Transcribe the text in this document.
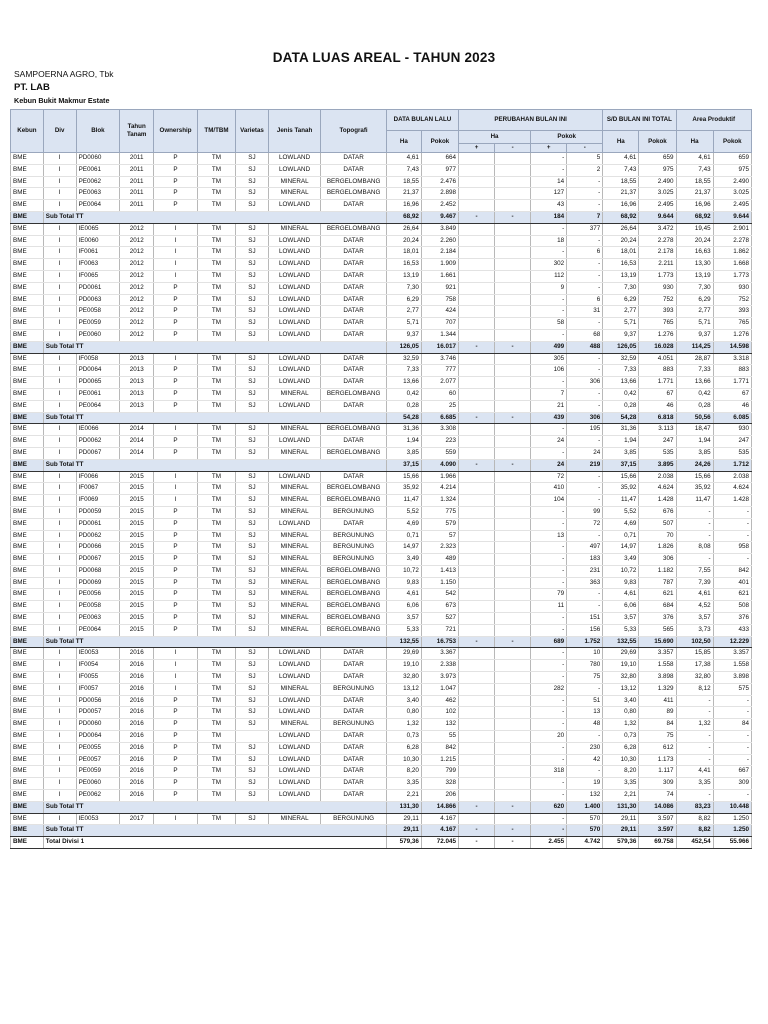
DATA LUAS AREAL - TAHUN 2023
SAMPOERNA AGRO, Tbk
PT. LAB
Kebun Bukit Makmur Estate
Kebun	Div	Blok	Tahun Tanam	Ownership	TM/TBM	Varietas	Jenis Tanah	Topografi	DATA BULAN LALU		PERUBAHAN BULAN INI				S/D BULAN INI TOTAL		Area Produktif	
									Ha	Pokok	Ha		Pokok		Ha	Pokok	Ha	Pokok
											+	-	+	-				
BME	I	PD0060	2011	P	TM	SJ	LOWLAND	DATAR	4,61	664			-	5	4,61	659	4,61	659
BME	I	PE0061	2011	P	TM	SJ	LOWLAND	DATAR	7,43	977			-	2	7,43	975	7,43	975
BME	I	PE0062	2011	P	TM	SJ	MINERAL	BERGELOMBANG	18,55	2.476			14	-	18,55	2.490	18,55	2.490
BME	I	PE0063	2011	P	TM	SJ	MINERAL	BERGELOMBANG	21,37	2.898			127	-	21,37	3.025	21,37	3.025
BME	I	PE0064	2011	P	TM	SJ	LOWLAND	DATAR	16,96	2.452			43	-	16,96	2.495	16,96	2.495
BME	Sub Total TT								68,92	9.467	-	-	184	7	68,92	9.644	68,92	9.644
BME	I	IE0065	2012	I	TM	SJ	MINERAL	BERGELOMBANG	26,64	3.849			-	377	26,64	3.472	19,45	2.901
BME	I	IE0060	2012	I	TM	SJ	LOWLAND	DATAR	20,24	2.260			18	-	20,24	2.278	20,24	2.278
BME	I	IF0061	2012	I	TM	SJ	LOWLAND	DATAR	18,01	2.184			-	6	18,01	2.178	16,63	1.862
BME	I	IF0063	2012	I	TM	SJ	LOWLAND	DATAR	16,53	1.909			302	-	16,53	2.211	13,30	1.668
BME	I	IF0065	2012	I	TM	SJ	LOWLAND	DATAR	13,19	1.661			112	-	13,19	1.773	13,19	1.773
BME	I	PD0061	2012	P	TM	SJ	LOWLAND	DATAR	7,30	921			9	-	7,30	930	7,30	930
BME	I	PD0063	2012	P	TM	SJ	LOWLAND	DATAR	6,29	758			-	6	6,29	752	6,29	752
BME	I	PE0058	2012	P	TM	SJ	LOWLAND	DATAR	2,77	424			-	31	2,77	393	2,77	393
BME	I	PE0059	2012	P	TM	SJ	LOWLAND	DATAR	5,71	707			58	-	5,71	765	5,71	765
BME	I	PE0060	2012	P	TM	SJ	LOWLAND	DATAR	9,37	1.344			-	68	9,37	1.276	9,37	1.276
BME	Sub Total TT								126,05	16.017	-	-	499	488	126,05	16.028	114,25	14.598
BME	I	IF0058	2013	I	TM	SJ	LOWLAND	DATAR	32,59	3.746			305	-	32,59	4.051	28,87	3.318
BME	I	PD0064	2013	P	TM	SJ	LOWLAND	DATAR	7,33	777			106	-	7,33	883	7,33	883
BME	I	PD0065	2013	P	TM	SJ	LOWLAND	DATAR	13,66	2.077			-	306	13,66	1.771	13,66	1.771
BME	I	PE0061	2013	P	TM	SJ	MINERAL	BERGELOMBANG	0,42	60			7	-	0,42	67	0,42	67
BME	I	PE0064	2013	P	TM	SJ	LOWLAND	DATAR	0,28	25			21	-	0,28	46	0,28	46
BME	Sub Total TT								54,28	6.685	-	-	439	306	54,28	6.818	50,56	6.085
BME	I	IE0066	2014	I	TM	SJ	MINERAL	BERGELOMBANG	31,36	3.308			-	195	31,36	3.113	18,47	930
BME	I	PD0062	2014	P	TM	SJ	LOWLAND	DATAR	1,94	223			24	-	1,94	247	1,94	247
BME	I	PD0067	2014	P	TM	SJ	MINERAL	BERGELOMBANG	3,85	559			-	24	3,85	535	3,85	535
BME	Sub Total TT								37,15	4.090	-	-	24	219	37,15	3.895	24,26	1.712
BME	I	IF0066	2015	I	TM	SJ	LOWLAND	DATAR	15,66	1.966			72	-	15,66	2.038	15,66	2.038
BME	I	IF0067	2015	I	TM	SJ	MINERAL	BERGELOMBANG	35,92	4.214			410	-	35,92	4.624	35,92	4.624
BME	I	IF0069	2015	I	TM	SJ	MINERAL	BERGELOMBANG	11,47	1.324			104	-	11,47	1.428	11,47	1.428
BME	I	PD0059	2015	P	TM	SJ	MINERAL	BERGUNUNG	5,52	775			-	99	5,52	676	-	-
BME	I	PD0061	2015	P	TM	SJ	LOWLAND	DATAR	4,69	579			-	72	4,69	507	-	-
BME	I	PD0062	2015	P	TM	SJ	MINERAL	BERGUNUNG	0,71	57			13	-	0,71	70	-	-
BME	I	PD0066	2015	P	TM	SJ	MINERAL	BERGUNUNG	14,97	2.323			-	497	14,97	1.826	8,08	958
BME	I	PD0067	2015	P	TM	SJ	MINERAL	BERGUNUNG	3,49	489			-	183	3,49	306	-	-
BME	I	PD0068	2015	P	TM	SJ	MINERAL	BERGELOMBANG	10,72	1.413			-	231	10,72	1.182	7,55	842
BME	I	PD0069	2015	P	TM	SJ	MINERAL	BERGELOMBANG	9,83	1.150			-	363	9,83	787	7,39	401
BME	I	PE0056	2015	P	TM	SJ	MINERAL	BERGELOMBANG	4,61	542			79	-	4,61	621	4,61	621
BME	I	PE0058	2015	P	TM	SJ	MINERAL	BERGELOMBANG	6,06	673			11	-	6,06	684	4,52	508
BME	I	PE0063	2015	P	TM	SJ	MINERAL	BERGELOMBANG	3,57	527			-	151	3,57	376	3,57	376
BME	I	PE0064	2015	P	TM	SJ	MINERAL	BERGELOMBANG	5,33	721			-	156	5,33	565	3,73	433
BME	Sub Total TT								132,55	16.753	-	-	689	1.752	132,55	15.690	102,50	12.229
BME	I	IE0053	2016	I	TM	SJ	LOWLAND	DATAR	29,69	3.367			-	10	29,69	3.357	15,85	3.357
BME	I	IF0054	2016	I	TM	SJ	LOWLAND	DATAR	19,10	2.338			-	780	19,10	1.558	17,38	1.558
BME	I	IF0055	2016	I	TM	SJ	LOWLAND	DATAR	32,80	3.973			-	75	32,80	3.898	32,80	3.898
BME	I	IF0057	2016	I	TM	SJ	MINERAL	BERGUNUNG	13,12	1.047			282	-	13,12	1.329	8,12	575
BME	I	PD0056	2016	P	TM	SJ	LOWLAND	DATAR	3,40	462			-	51	3,40	411	-	-
BME	I	PD0057	2016	P	TM	SJ	LOWLAND	DATAR	0,80	102			-	13	0,80	89	-	-
BME	I	PD0060	2016	P	TM	SJ	MINERAL	BERGUNUNG	1,32	132			-	48	1,32	84	1,32	84
BME	I	PD0064	2016	P	TM		LOWLAND	DATAR	0,73	55			20	-	0,73	75	-	-
BME	I	PE0055	2016	P	TM	SJ	LOWLAND	DATAR	6,28	842			-	230	6,28	612	-	-
BME	I	PE0057	2016	P	TM	SJ	LOWLAND	DATAR	10,30	1.215			-	42	10,30	1.173	-	-
BME	I	PE0059	2016	P	TM	SJ	LOWLAND	DATAR	8,20	799			318	-	8,20	1.117	4,41	667
BME	I	PE0060	2016	P	TM	SJ	LOWLAND	DATAR	3,35	328			-	19	3,35	309	3,35	309
BME	I	PE0062	2016	P	TM	SJ	LOWLAND	DATAR	2,21	206			-	132	2,21	74	-	-
BME	Sub Total TT								131,30	14.866	-	-	620	1.400	131,30	14.086	83,23	10.448
BME	I	IE0053	2017	I	TM	SJ	MINERAL	BERGUNUNG	29,11	4.167			-	570	29,11	3.597	8,82	1.250
BME	Sub Total TT								29,11	4.167	-	-	-	570	29,11	3.597	8,82	1.250
BME	Total Divisi 1								579,36	72.045	-	-	2.455	4.742	579,36	69.758	452,54	55.966
